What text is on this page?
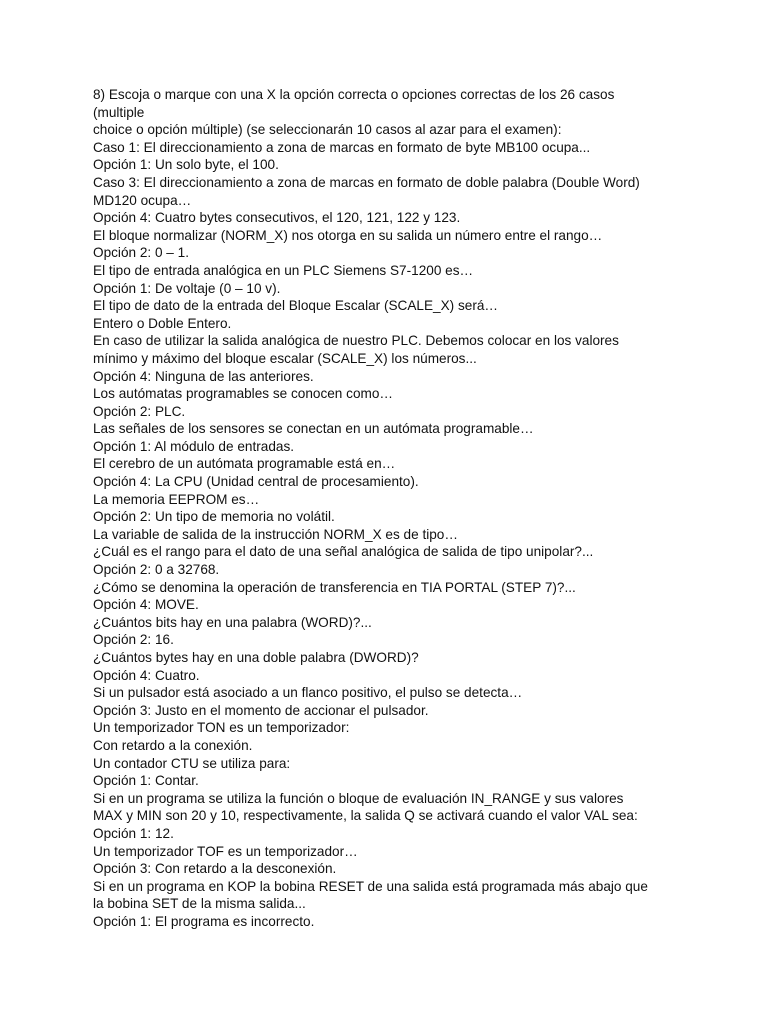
8) Escoja o marque con una X la opción correcta o opciones correctas de los 26 casos
(multiple
choice o opción múltiple) (se seleccionarán 10 casos al azar para el examen):
Caso 1: El direccionamiento a zona de marcas en formato de byte MB100 ocupa...
Opción 1: Un solo byte, el 100.
Caso 3: El direccionamiento a zona de marcas en formato de doble palabra (Double Word)
MD120 ocupa…
Opción 4: Cuatro bytes consecutivos, el 120, 121, 122 y 123.
El bloque normalizar (NORM_X) nos otorga en su salida un número entre el rango…
Opción 2: 0 – 1.
El tipo de entrada analógica en un PLC Siemens S7-1200 es…
Opción 1: De voltaje (0 – 10 v).
El tipo de dato de la entrada del Bloque Escalar (SCALE_X) será…
Entero o Doble Entero.
En caso de utilizar la salida analógica de nuestro PLC. Debemos colocar en los valores
mínimo y máximo del bloque escalar (SCALE_X) los números...
Opción 4: Ninguna de las anteriores.
Los autómatas programables se conocen como…
Opción 2: PLC.
Las señales de los sensores se conectan en un autómata programable…
Opción 1: Al módulo de entradas.
El cerebro de un autómata programable está en…
Opción 4: La CPU (Unidad central de procesamiento).
La memoria EEPROM es…
Opción 2: Un tipo de memoria no volátil.
La variable de salida de la instrucción NORM_X es de tipo…
¿Cuál es el rango para el dato de una señal analógica de salida de tipo unipolar?...
Opción 2: 0 a 32768.
¿Cómo se denomina la operación de transferencia en TIA PORTAL (STEP 7)?...
Opción 4: MOVE.
¿Cuántos bits hay en una palabra (WORD)?...
Opción 2: 16.
¿Cuántos bytes hay en una doble palabra (DWORD)?
Opción 4: Cuatro.
Si un pulsador está asociado a un flanco positivo, el pulso se detecta…
Opción 3: Justo en el momento de accionar el pulsador.
Un temporizador TON es un temporizador:
Con retardo a la conexión.
Un contador CTU se utiliza para:
Opción 1: Contar.
Si en un programa se utiliza la función o bloque de evaluación IN_RANGE y sus valores
MAX y MIN son 20 y 10, respectivamente, la salida Q se activará cuando el valor VAL sea:
Opción 1: 12.
Un temporizador TOF es un temporizador…
Opción 3: Con retardo a la desconexión.
Si en un programa en KOP la bobina RESET de una salida está programada más abajo que
la bobina SET de la misma salida...
Opción 1: El programa es incorrecto.
